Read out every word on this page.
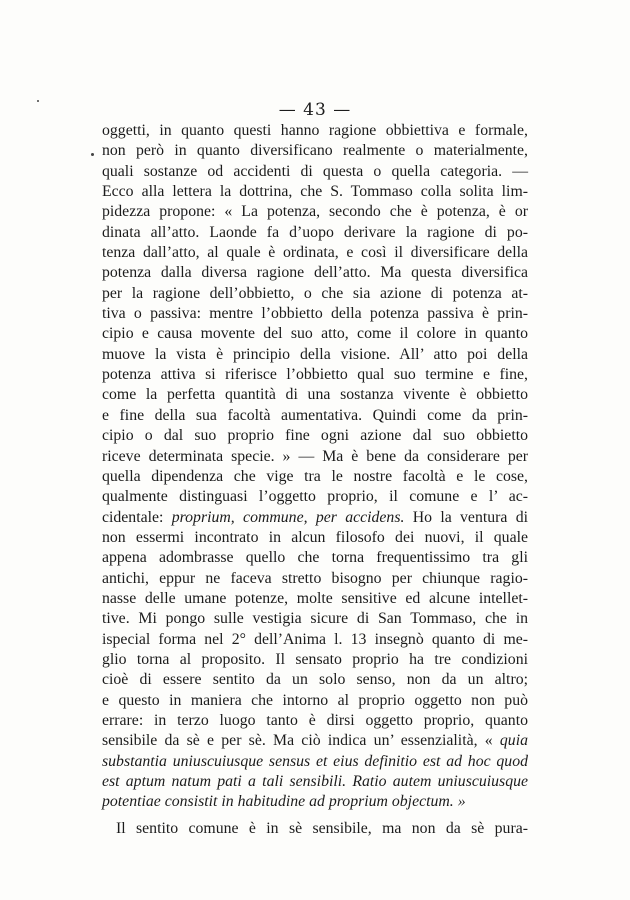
— 43 —
oggetti, in quanto questi hanno ragione obbiettiva e formale,
non però in quanto diversificano realmente o materialmente,
quali sostanze od accidenti di questa o quella categoria. —
Ecco alla lettera la dottrina, che S. Tommaso colla solita lim-
pidezza propone: « La potenza, secondo che è potenza, è or
dinata all’atto. Laonde fa d’uopo derivare la ragione di po-
tenza dall’atto, al quale è ordinata, e così il diversificare della
potenza dalla diversa ragione dell’atto. Ma questa diversifica
per la ragione dell’obbietto, o che sia azione di potenza at-
tiva o passiva: mentre l’obbietto della potenza passiva è prin-
cipio e causa movente del suo atto, come il colore in quanto
muove la vista è principio della visione. All’ atto poi della
potenza attiva si riferisce l’obbietto qual suo termine e fine,
come la perfetta quantità di una sostanza vivente è obbietto
e fine della sua facoltà aumentativa. Quindi come da prin-
cipio o dal suo proprio fine ogni azione dal suo obbietto
riceve determinata specie. » — Ma è bene da considerare per
quella dipendenza che vige tra le nostre facoltà e le cose,
qualmente distinguasi l’oggetto proprio, il comune e l’ ac-
cidentale: proprium, commune, per accidens. Ho la ventura di
non essermi incontrato in alcun filosofo dei nuovi, il quale
appena adombrasse quello che torna frequentissimo tra gli
antichi, eppur ne faceva stretto bisogno per chiunque ragio-
nasse delle umane potenze, molte sensitive ed alcune intellet-
tive. Mi pongo sulle vestigia sicure di San Tommaso, che in
ispecial forma nel 2° dell’Anima l. 13 insegnò quanto di me-
glio torna al proposito. Il sensato proprio ha tre condizioni
cioè di essere sentito da un solo senso, non da un altro;
e questo in maniera che intorno al proprio oggetto non può
errare: in terzo luogo tanto è dirsi oggetto proprio, quanto
sensibile da sè e per sè. Ma ciò indica un’ essenzialità, « quia
substantia uniuscuiusque sensus et eius definitio est ad hoc quod
est aptum natum pati a tali sensibili. Ratio autem uniuscuiusque
potentiae consistit in habitudine ad proprium objectum. »
Il sentito comune è in sè sensibile, ma non da sè pura-
